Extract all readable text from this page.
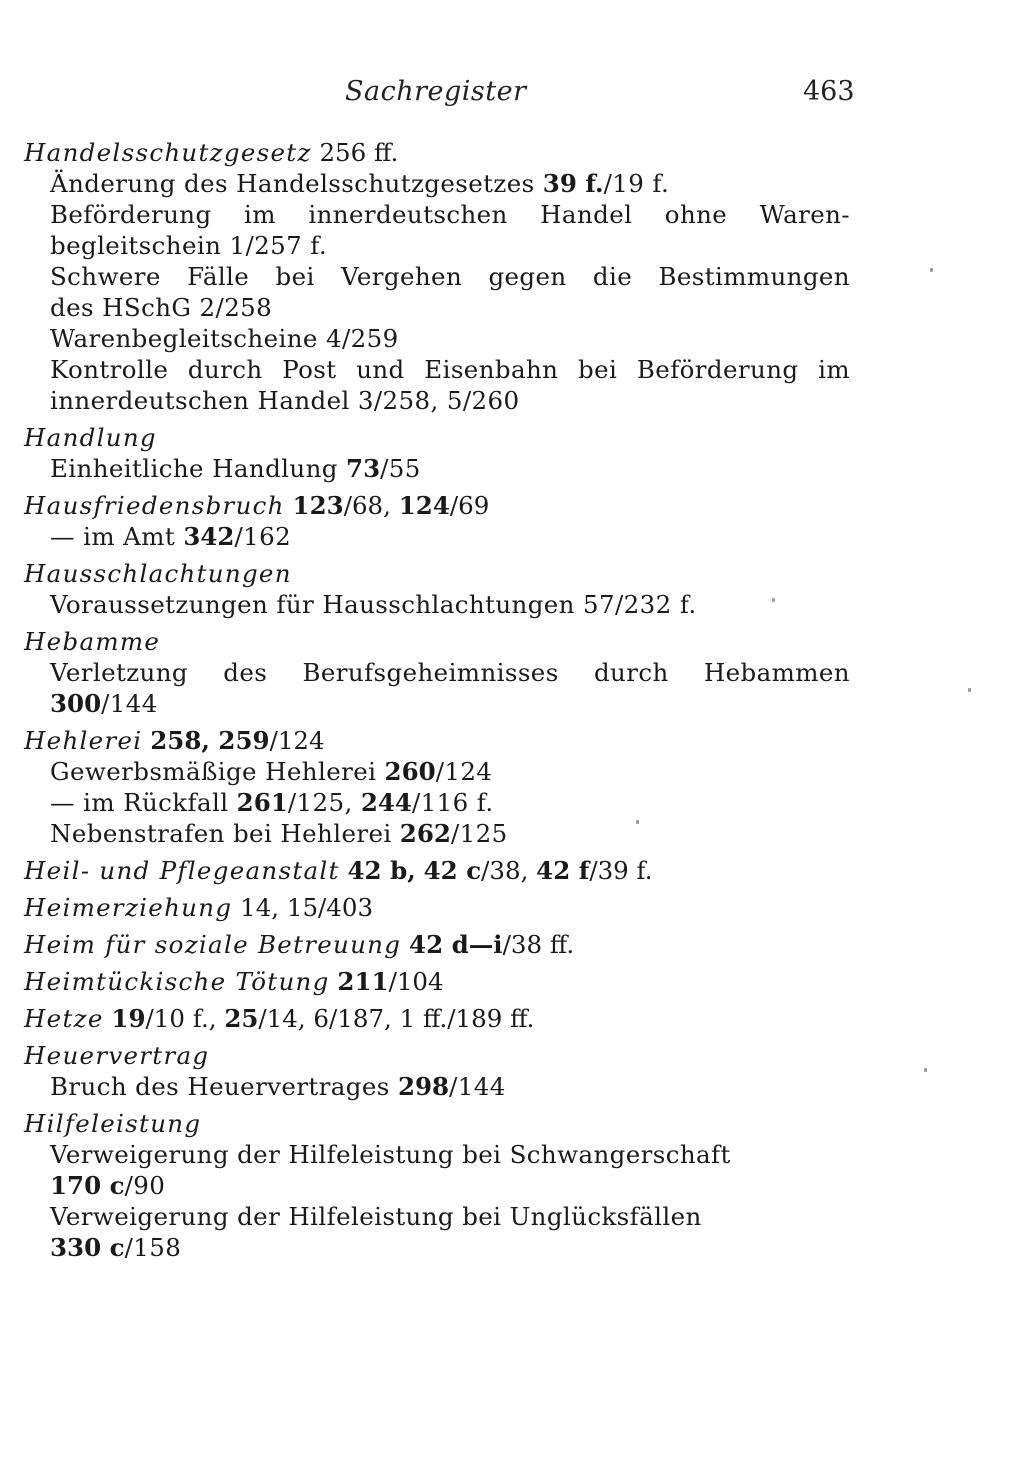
Sachregister	463
Handelsschutzgesetz 256 ff.
Änderung des Handelsschutzgesetzes 39 f./19 f.
Beförderung im innerdeutschen Handel ohne Waren-
begleitschein 1/257 f.
Schwere Fälle bei Vergehen gegen die Bestimmungen
des HSchG 2/258
Warenbegleitscheine 4/259
Kontrolle durch Post und Eisenbahn bei Beförderung im
innerdeutschen Handel 3/258, 5/260
Handlung
Einheitliche Handlung 73/55
Hausfriedensbruch 123/68, 124/69
— im Amt 342/162
Hausschlachtungen
Voraussetzungen für Hausschlachtungen 57/232 f.
Hebamme
Verletzung des Berufsgeheimnisses durch Hebammen
300/144
Hehlerei 258, 259/124
Gewerbsmäßige Hehlerei 260/124
— im Rückfall 261/125, 244/116 f.
Nebenstrafen bei Hehlerei 262/125
Heil- und Pflegeanstalt 42 b, 42 c/38, 42 f/39 f.
Heimerziehung 14, 15/403
Heim für soziale Betreuung 42 d—i/38 ff.
Heimtückische Tötung 211/104
Hetze 19/10 f., 25/14, 6/187, 1 ff./189 ff.
Heuervertrag
Bruch des Heuervertrages 298/144
Hilfeleistung
Verweigerung der Hilfeleistung bei Schwangerschaft
170 c/90
Verweigerung der Hilfeleistung bei Unglücksfällen
330 c/158
